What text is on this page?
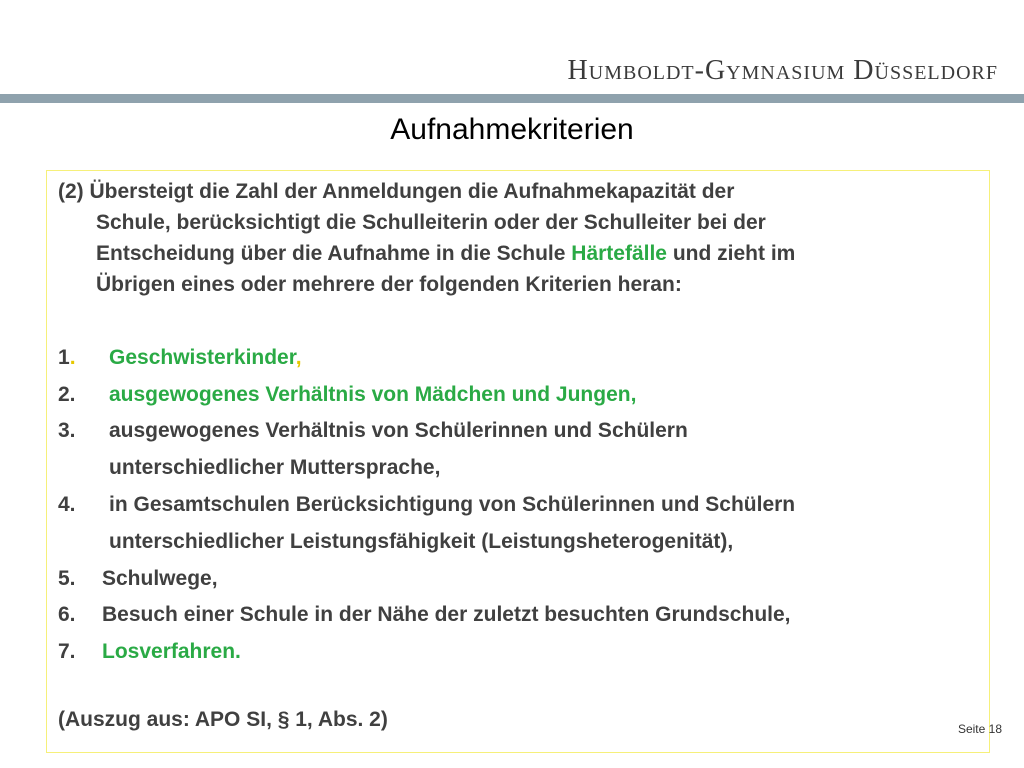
Humboldt-Gymnasium Düsseldorf
Aufnahmekriterien
(2) Übersteigt die Zahl der Anmeldungen die Aufnahmekapazität der
Schule, berücksichtigt die Schulleiterin oder der Schulleiter bei der
Entscheidung über die Aufnahme in die Schule Härtefälle und zieht im
Übrigen eines oder mehrere der folgenden Kriterien heran:
1. Geschwisterkinder,
2. ausgewogenes Verhältnis von Mädchen und Jungen,
3. ausgewogenes Verhältnis von Schülerinnen und Schülern
unterschiedlicher Muttersprache,
4. in Gesamtschulen Berücksichtigung von Schülerinnen und Schülern
unterschiedlicher Leistungsfähigkeit (Leistungsheterogenität),
5. Schulwege,
6. Besuch einer Schule in der Nähe der zuletzt besuchten Grundschule,
7. Losverfahren.
(Auszug aus: APO SI, § 1, Abs. 2)	Seite 18
